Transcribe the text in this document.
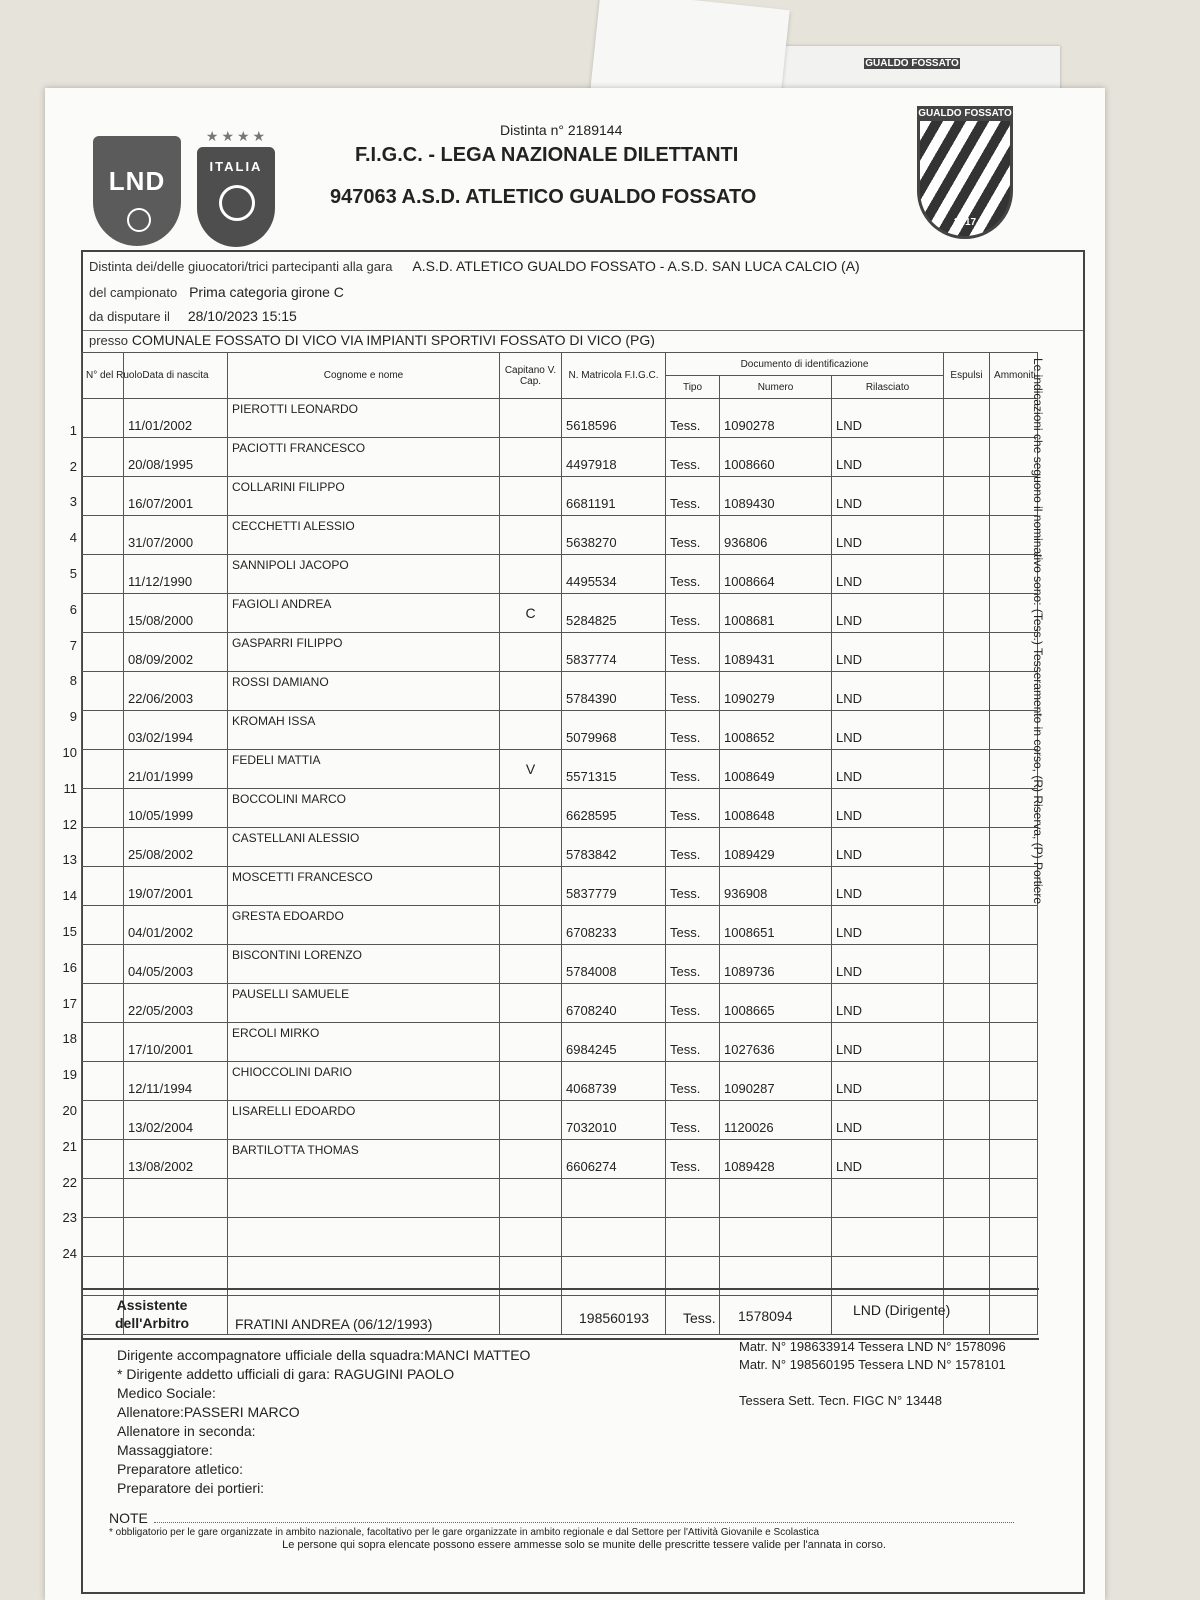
GUALDO FOSSATO
LND
★★★★
ITALIA
GUALDO FOSSATO
2017
Distinta n° 2189144
F.I.G.C. - LEGA NAZIONALE DILETTANTI
947063 A.S.D. ATLETICO GUALDO FOSSATO
Distinta dei/delle giuocatori/trici partecipanti alla gara A.S.D. ATLETICO GUALDO FOSSATO - A.S.D. SAN LUCA CALCIO (A)
del campionato Prima categoria girone C
da disputare il 28/10/2023 15:15
presso COMUNALE FOSSATO DI VICO VIA IMPIANTI SPORTIVI FOSSATO DI VICO (PG)
N° del Ruolo	Data di nascita	Cognome e nome	Capitano V. Cap.	N. Matricola F.I.G.C.	Documento di identificazione			Espulsi	Ammoniti
					Tipo	Numero	Rilasciato		
	11/01/2002	PIEROTTI LEONARDO		5618596	Tess.	1090278	LND		
	20/08/1995	PACIOTTI FRANCESCO		4497918	Tess.	1008660	LND		
	16/07/2001	COLLARINI FILIPPO		6681191	Tess.	1089430	LND		
	31/07/2000	CECCHETTI ALESSIO		5638270	Tess.	936806	LND		
	11/12/1990	SANNIPOLI JACOPO		4495534	Tess.	1008664	LND		
	15/08/2000	FAGIOLI ANDREA	C	5284825	Tess.	1008681	LND		
	08/09/2002	GASPARRI FILIPPO		5837774	Tess.	1089431	LND		
	22/06/2003	ROSSI DAMIANO		5784390	Tess.	1090279	LND		
	03/02/1994	KROMAH ISSA		5079968	Tess.	1008652	LND		
	21/01/1999	FEDELI MATTIA	V	5571315	Tess.	1008649	LND		
	10/05/1999	BOCCOLINI MARCO		6628595	Tess.	1008648	LND		
	25/08/2002	CASTELLANI ALESSIO		5783842	Tess.	1089429	LND		
	19/07/2001	MOSCETTI FRANCESCO		5837779	Tess.	936908	LND		
	04/01/2002	GRESTA EDOARDO		6708233	Tess.	1008651	LND		
	04/05/2003	BISCONTINI LORENZO		5784008	Tess.	1089736	LND		
	22/05/2003	PAUSELLI SAMUELE		6708240	Tess.	1008665	LND		
	17/10/2001	ERCOLI MIRKO		6984245	Tess.	1027636	LND		
	12/11/1994	CHIOCCOLINI DARIO		4068739	Tess.	1090287	LND		
	13/02/2004	LISARELLI EDOARDO		7032010	Tess.	1120026	LND		
	13/08/2002	BARTILOTTA THOMAS		6606274	Tess.	1089428	LND		

1
2
3
4
5
6
7
8
9
10
11
12
13
14
15
16
17
18
19
20
21
22
23
24
Assistente
dell'Arbitro	FRATINI ANDREA (06/12/1993)	198560193 Tess. 1578094	LND (Dirigente)
Dirigente accompagnatore ufficiale della squadra:MANCI MATTEO
* Dirigente addetto ufficiali di gara: RAGUGINI PAOLO
Medico Sociale:
Allenatore:PASSERI MARCO
Allenatore in seconda:
Massaggiatore:
Preparatore atletico:
Preparatore dei portieri:
Matr. N° 198633914 Tessera LND N° 1578096
Matr. N° 198560195 Tessera LND N° 1578101
Tessera Sett. Tecn. FIGC N° 13448
NOTE
* obbligatorio per le gare organizzate in ambito nazionale, facoltativo per le gare organizzate in ambito regionale e dal Settore per l'Attività Giovanile e Scolastica
Le persone qui sopra elencate possono essere ammesse solo se munite delle prescritte tessere valide per l'annata in corso.
Le indicazioni che seguono il nominativo sono: (Tess.) Tesseramento in corso, (R) Riserva, (P) Portiere
